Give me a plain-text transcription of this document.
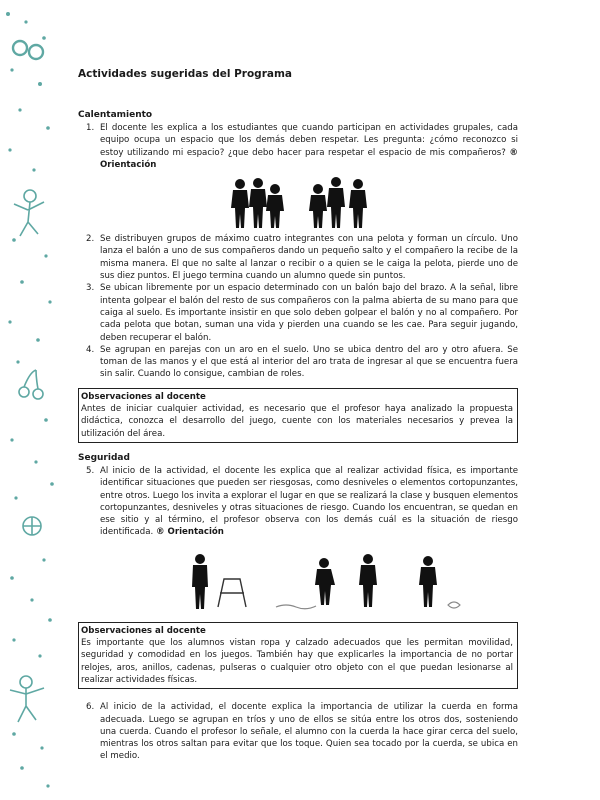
Actividades sugeridas del Programa
Calentamiento
1. El docente les explica a los estudiantes que cuando participan en actividades grupales, cada equipo ocupa un espacio que los demás deben respetar. Les pregunta: ¿cómo reconozco si estoy utilizando mi espacio? ¿que debo hacer para respetar el espacio de mis compañeros? ® Orientación
2. Se distribuyen grupos de máximo cuatro integrantes con una pelota y forman un círculo. Uno lanza el balón a uno de sus compañeros dando un pequeño salto y el compañero la recibe de la misma manera. El que no salte al lanzar o recibir o a quien se le caiga la pelota, pierde uno de sus diez puntos. El juego termina cuando un alumno quede sin puntos.
3. Se ubican libremente por un espacio determinado con un balón bajo del brazo. A la señal, libre intenta golpear el balón del resto de sus compañeros con la palma abierta de su mano para que caiga al suelo. Es importante insistir en que solo deben golpear el balón y no al compañero. Por cada pelota que botan, suman una vida y pierden una cuando se les cae. Para seguir jugando, deben recuperar el balón.
4. Se agrupan en parejas con un aro en el suelo. Uno se ubica dentro del aro y otro afuera. Se toman de las manos y el que está al interior del aro trata de ingresar al que se encuentra fuera sin salir. Cuando lo consigue, cambian de roles.
Observaciones al docente
Antes de iniciar cualquier actividad, es necesario que el profesor haya analizado la propuesta didáctica, conozca el desarrollo del juego, cuente con los materiales necesarios y prevea la utilización del área.
Seguridad
5. Al inicio de la actividad, el docente les explica que al realizar actividad física, es importante identificar situaciones que pueden ser riesgosas, como desniveles o elementos cortopunzantes, entre otros. Luego los invita a explorar el lugar en que se realizará la clase y busquen elementos cortopunzantes, desniveles y otras situaciones de riesgo. Cuando los encuentran, se quedan en ese sitio y al término, el profesor observa con los demás cuál es la situación de riesgo identificada. ® Orientación
Observaciones al docente
Es importante que los alumnos vistan ropa y calzado adecuados que les permitan movilidad, seguridad y comodidad en los juegos. También hay que explicarles la importancia de no portar relojes, aros, anillos, cadenas, pulseras o cualquier otro objeto con el que puedan lesionarse al realizar actividades físicas.
6. Al inicio de la actividad, el docente explica la importancia de utilizar la cuerda en forma adecuada. Luego se agrupan en tríos y uno de ellos se sitúa entre los otros dos, sosteniendo una cuerda. Cuando el profesor lo señale, el alumno con la cuerda la hace girar cerca del suelo, mientras los otros saltan para evitar que los toque. Quien sea tocado por la cuerda, se ubica en el medio.
